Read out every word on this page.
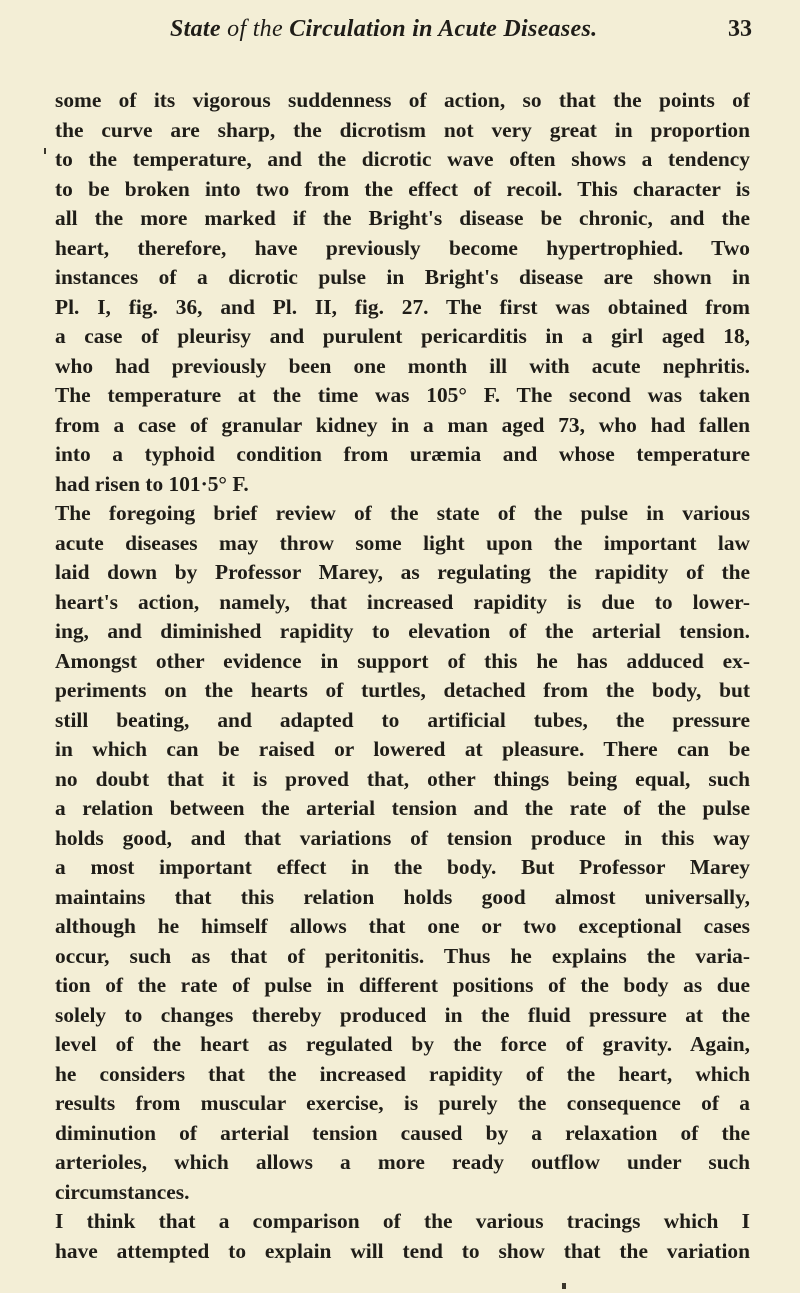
State of the Circulation in Acute Diseases.	33
some of its vigorous suddenness of action, so that the points of
the curve are sharp, the dicrotism not very great in proportion
to the temperature, and the dicrotic wave often shows a tendency
to be broken into two from the effect of recoil. This character is
all the more marked if the Bright's disease be chronic, and the
heart, therefore, have previously become hypertrophied. Two
instances of a dicrotic pulse in Bright's disease are shown in
Pl. I, fig. 36, and Pl. II, fig. 27. The first was obtained from
a case of pleurisy and purulent pericarditis in a girl aged 18,
who had previously been one month ill with acute nephritis.
The temperature at the time was 105° F. The second was taken
from a case of granular kidney in a man aged 73, who had fallen
into a typhoid condition from uræmia and whose temperature
had risen to 101·5° F.
The foregoing brief review of the state of the pulse in various
acute diseases may throw some light upon the important law
laid down by Professor Marey, as regulating the rapidity of the
heart's action, namely, that increased rapidity is due to lower-
ing, and diminished rapidity to elevation of the arterial tension.
Amongst other evidence in support of this he has adduced ex-
periments on the hearts of turtles, detached from the body, but
still beating, and adapted to artificial tubes, the pressure
in which can be raised or lowered at pleasure. There can be
no doubt that it is proved that, other things being equal, such
a relation between the arterial tension and the rate of the pulse
holds good, and that variations of tension produce in this way
a most important effect in the body. But Professor Marey
maintains that this relation holds good almost universally,
although he himself allows that one or two exceptional cases
occur, such as that of peritonitis. Thus he explains the varia-
tion of the rate of pulse in different positions of the body as due
solely to changes thereby produced in the fluid pressure at the
level of the heart as regulated by the force of gravity. Again,
he considers that the increased rapidity of the heart, which
results from muscular exercise, is purely the consequence of a
diminution of arterial tension caused by a relaxation of the
arterioles, which allows a more ready outflow under such
circumstances.
I think that a comparison of the various tracings which I
have attempted to explain will tend to show that the variation
